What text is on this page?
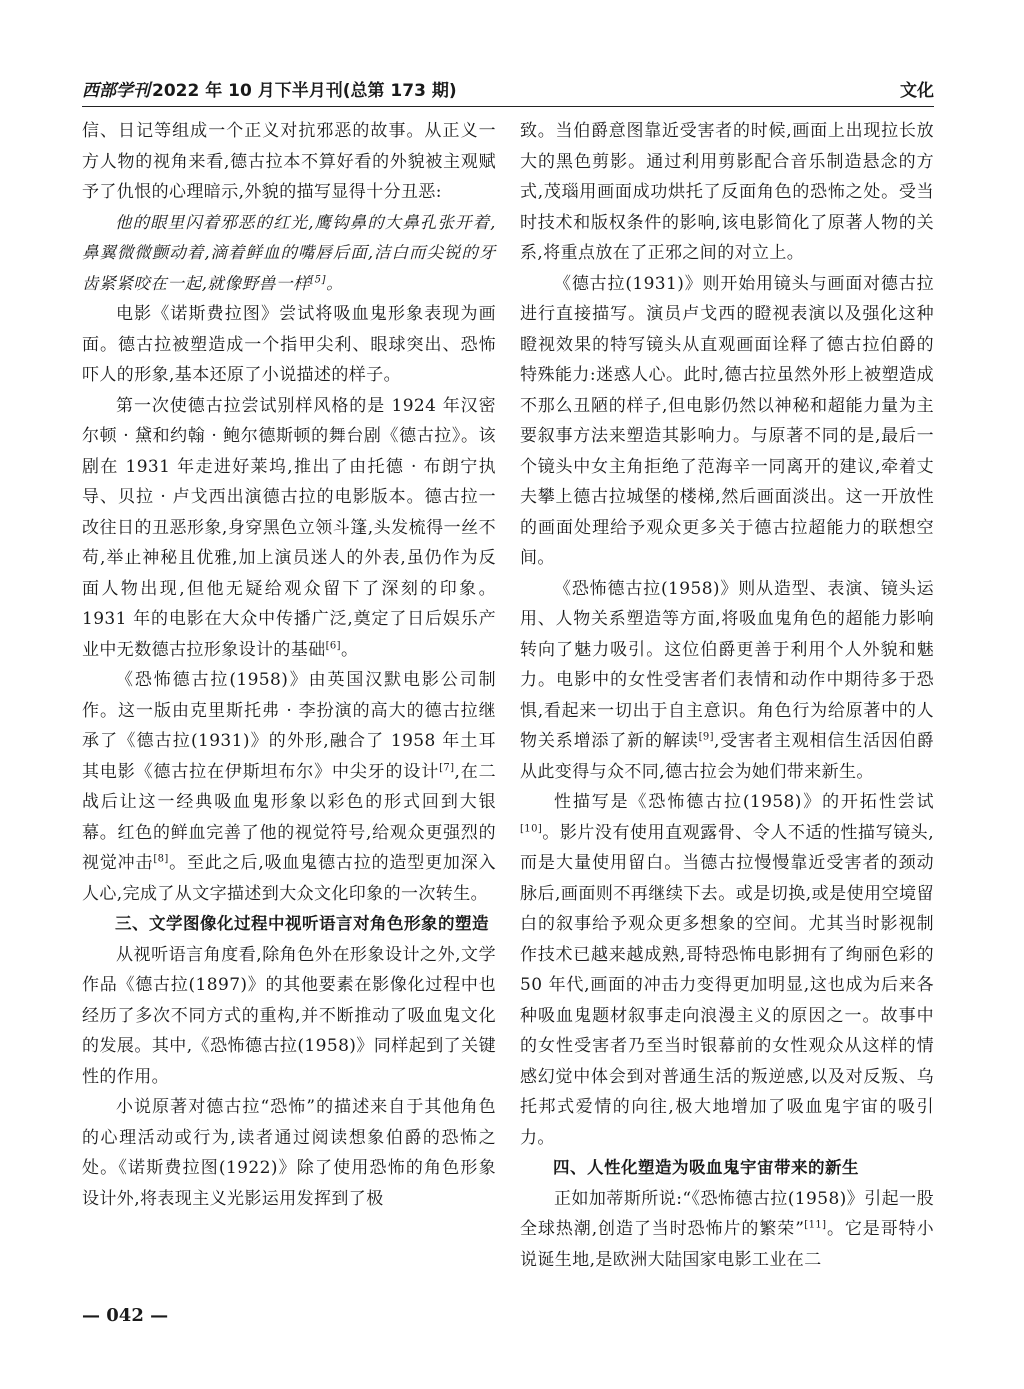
西部学刊 2022 年 10 月下半月刊(总第 173 期)	文化

信、日记等组成一个正义对抗邪恶的故事。从正义一方人物的视角来看,德古拉本不算好看的外貌被主观赋予了仇恨的心理暗示,外貌的描写显得十分丑恶:

他的眼里闪着邪恶的红光,鹰钩鼻的大鼻孔张开着,鼻翼微微颤动着,滴着鲜血的嘴唇后面,洁白而尖锐的牙齿紧紧咬在一起,就像野兽一样[5]。

电影《诺斯费拉图》尝试将吸血鬼形象表现为画面。德古拉被塑造成一个指甲尖利、眼球突出、恐怖吓人的形象,基本还原了小说描述的样子。

第一次使德古拉尝试别样风格的是 1924 年汉密尔顿 · 黛和约翰 · 鲍尔德斯顿的舞台剧《德古拉》。该剧在 1931 年走进好莱坞,推出了由托德 · 布朗宁执导、贝拉 · 卢戈西出演德古拉的电影版本。德古拉一改往日的丑恶形象,身穿黑色立领斗篷,头发梳得一丝不苟,举止神秘且优雅,加上演员迷人的外表,虽仍作为反面人物出现,但他无疑给观众留下了深刻的印象。1931 年的电影在大众中传播广泛,奠定了日后娱乐产业中无数德古拉形象设计的基础[6]。

《恐怖德古拉(1958)》由英国汉默电影公司制作。这一版由克里斯托弗 · 李扮演的高大的德古拉继承了《德古拉(1931)》的外形,融合了 1958 年土耳其电影《德古拉在伊斯坦布尔》中尖牙的设计[7],在二战后让这一经典吸血鬼形象以彩色的形式回到大银幕。红色的鲜血完善了他的视觉符号,给观众更强烈的视觉冲击[8]。至此之后,吸血鬼德古拉的造型更加深入人心,完成了从文字描述到大众文化印象的一次转生。

三、文学图像化过程中视听语言对角色形象的塑造

从视听语言角度看,除角色外在形象设计之外,文学作品《德古拉(1897)》的其他要素在影像化过程中也经历了多次不同方式的重构,并不断推动了吸血鬼文化的发展。其中,《恐怖德古拉(1958)》同样起到了关键性的作用。

小说原著对德古拉“恐怖”的描述来自于其他角色的心理活动或行为,读者通过阅读想象伯爵的恐怖之处。《诺斯费拉图(1922)》除了使用恐怖的角色形象设计外,将表现主义光影运用发挥到了极

致。当伯爵意图靠近受害者的时候,画面上出现拉长放大的黑色剪影。通过利用剪影配合音乐制造悬念的方式,茂瑙用画面成功烘托了反面角色的恐怖之处。受当时技术和版权条件的影响,该电影简化了原著人物的关系,将重点放在了正邪之间的对立上。

《德古拉(1931)》则开始用镜头与画面对德古拉进行直接描写。演员卢戈西的瞪视表演以及强化这种瞪视效果的特写镜头从直观画面诠释了德古拉伯爵的特殊能力:迷惑人心。此时,德古拉虽然外形上被塑造成不那么丑陋的样子,但电影仍然以神秘和超能力量为主要叙事方法来塑造其影响力。与原著不同的是,最后一个镜头中女主角拒绝了范海辛一同离开的建议,牵着丈夫攀上德古拉城堡的楼梯,然后画面淡出。这一开放性的画面处理给予观众更多关于德古拉超能力的联想空间。

《恐怖德古拉(1958)》则从造型、表演、镜头运用、人物关系塑造等方面,将吸血鬼角色的超能力影响转向了魅力吸引。这位伯爵更善于利用个人外貌和魅力。电影中的女性受害者们表情和动作中期待多于恐惧,看起来一切出于自主意识。角色行为给原著中的人物关系增添了新的解读[9],受害者主观相信生活因伯爵从此变得与众不同,德古拉会为她们带来新生。

性描写是《恐怖德古拉(1958)》的开拓性尝试[10]。影片没有使用直观露骨、令人不适的性描写镜头,而是大量使用留白。当德古拉慢慢靠近受害者的颈动脉后,画面则不再继续下去。或是切换,或是使用空境留白的叙事给予观众更多想象的空间。尤其当时影视制作技术已越来越成熟,哥特恐怖电影拥有了绚丽色彩的 50 年代,画面的冲击力变得更加明显,这也成为后来各种吸血鬼题材叙事走向浪漫主义的原因之一。故事中的女性受害者乃至当时银幕前的女性观众从这样的情感幻觉中体会到对普通生活的叛逆感,以及对反叛、乌托邦式爱情的向往,极大地增加了吸血鬼宇宙的吸引力。

四、人性化塑造为吸血鬼宇宙带来的新生

正如加蒂斯所说:“《恐怖德古拉(1958)》引起一股全球热潮,创造了当时恐怖片的繁荣”[11]。它是哥特小说诞生地,是欧洲大陆国家电影工业在二

— 042 —
